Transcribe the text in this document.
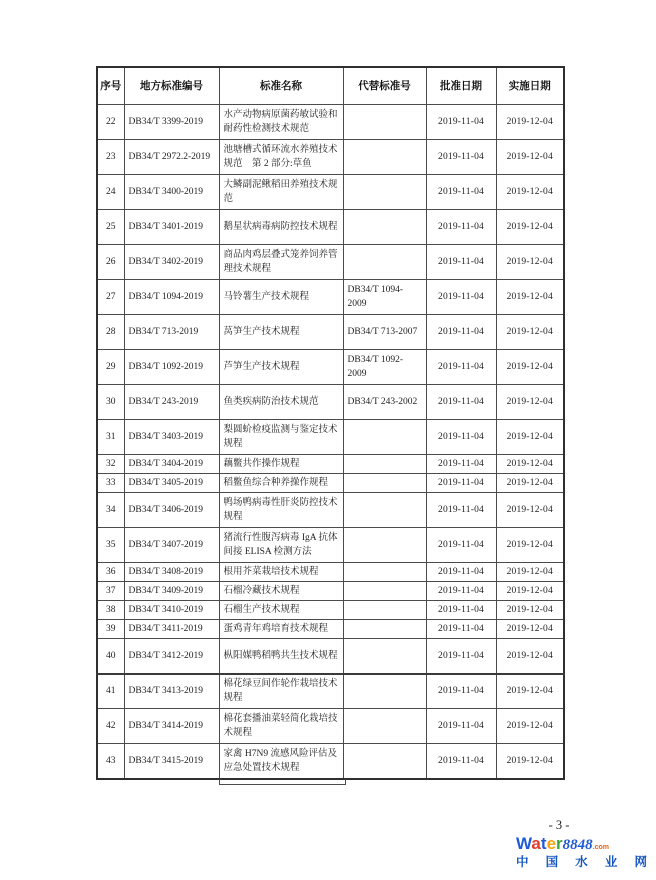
序号	地方标准编号	标准名称	代替标准号	批准日期	实施日期
22	DB34/T 3399-2019	水产动物病原菌药敏试验和耐药性检测技术规范		2019-11-04	2019-12-04
23	DB34/T 2972.2-2019	池塘槽式循环流水养殖技术规范　第 2 部分:草鱼		2019-11-04	2019-12-04
24	DB34/T 3400-2019	大鳞副泥鳅稻田养殖技术规范		2019-11-04	2019-12-04
25	DB34/T 3401-2019	鹅星状病毒病防控技术规程		2019-11-04	2019-12-04
26	DB34/T 3402-2019	商品肉鸡层叠式笼养饲养管理技术规程		2019-11-04	2019-12-04
27	DB34/T 1094-2019	马铃薯生产技术规程	DB34/T 1094-2009	2019-11-04	2019-12-04
28	DB34/T 713-2019	莴笋生产技术规程	DB34/T 713-2007	2019-11-04	2019-12-04
29	DB34/T 1092-2019	芦笋生产技术规程	DB34/T 1092-2009	2019-11-04	2019-12-04
30	DB34/T 243-2019	鱼类疾病防治技术规范	DB34/T 243-2002	2019-11-04	2019-12-04
31	DB34/T 3403-2019	梨圆蚧检疫监测与鉴定技术规程		2019-11-04	2019-12-04
32	DB34/T 3404-2019	藕鳖共作操作规程		2019-11-04	2019-12-04
33	DB34/T 3405-2019	稻鳖鱼综合种养操作规程		2019-11-04	2019-12-04
34	DB34/T 3406-2019	鸭场鸭病毒性肝炎防控技术规程		2019-11-04	2019-12-04
35	DB34/T 3407-2019	猪流行性腹泻病毒 IgA 抗体间接 ELISA 检测方法		2019-11-04	2019-12-04
36	DB34/T 3408-2019	根用芥菜栽培技术规程		2019-11-04	2019-12-04
37	DB34/T 3409-2019	石榴冷藏技术规程		2019-11-04	2019-12-04
38	DB34/T 3410-2019	石榴生产技术规程		2019-11-04	2019-12-04
39	DB34/T 3411-2019	蛋鸡青年鸡培育技术规程		2019-11-04	2019-12-04
40	DB34/T 3412-2019	枞阳媒鸭稻鸭共生技术规程		2019-11-04	2019-12-04
41	DB34/T 3413-2019	棉花绿豆间作轮作栽培技术规程		2019-11-04	2019-12-04
42	DB34/T 3414-2019	棉花套播油菜轻简化栽培技术规程		2019-11-04	2019-12-04
43	DB34/T 3415-2019	家禽 H7N9 流感风险评估及应急处置技术规程		2019-11-04	2019-12-04
- 3 -
Water8848.com
中 国 水 业 网
